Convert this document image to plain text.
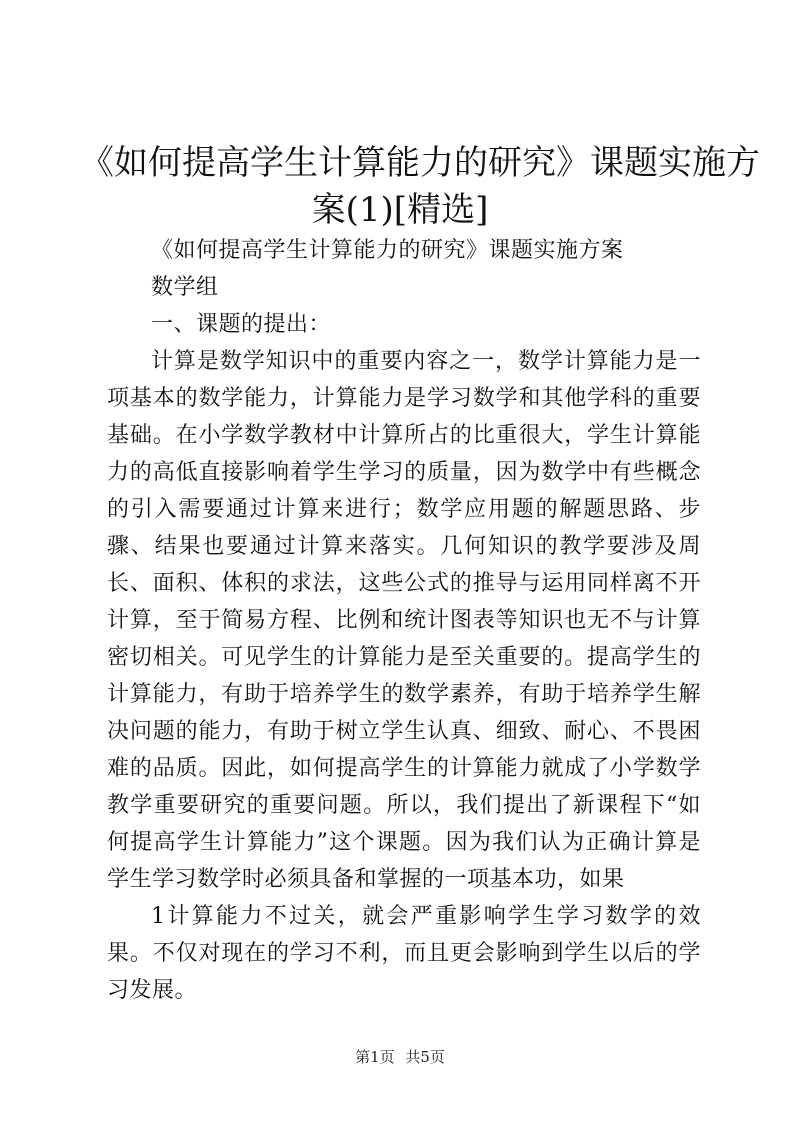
《如何提高学生计算能力的研究》课题实施方
案(1)[精选]

《如何提高学生计算能力的研究》课题实施方案

数学组

一、课题的提出：

计算是数学知识中的重要内容之一，数学计算能力是一项基本的数学能力，计算能力是学习数学和其他学科的重要基础。在小学数学教材中计算所占的比重很大，学生计算能力的高低直接影响着学生学习的质量，因为数学中有些概念的引入需要通过计算来进行；数学应用题的解题思路、步骤、结果也要通过计算来落实。几何知识的教学要涉及周长、面积、体积的求法，这些公式的推导与运用同样离不开计算，至于简易方程、比例和统计图表等知识也无不与计算密切相关。可见学生的计算能力是至关重要的。提高学生的计算能力，有助于培养学生的数学素养，有助于培养学生解决问题的能力，有助于树立学生认真、细致、耐心、不畏困难的品质。因此，如何提高学生的计算能力就成了小学数学教学重要研究的重要问题。所以，我们提出了新课程下“如何提高学生计算能力”这个课题。因为我们认为正确计算是学生学习数学时必须具备和掌握的一项基本功，如果

1计算能力不过关，就会严重影响学生学习数学的效果。不仅对现在的学习不利，而且更会影响到学生以后的学习发展。

第1页 共5页
